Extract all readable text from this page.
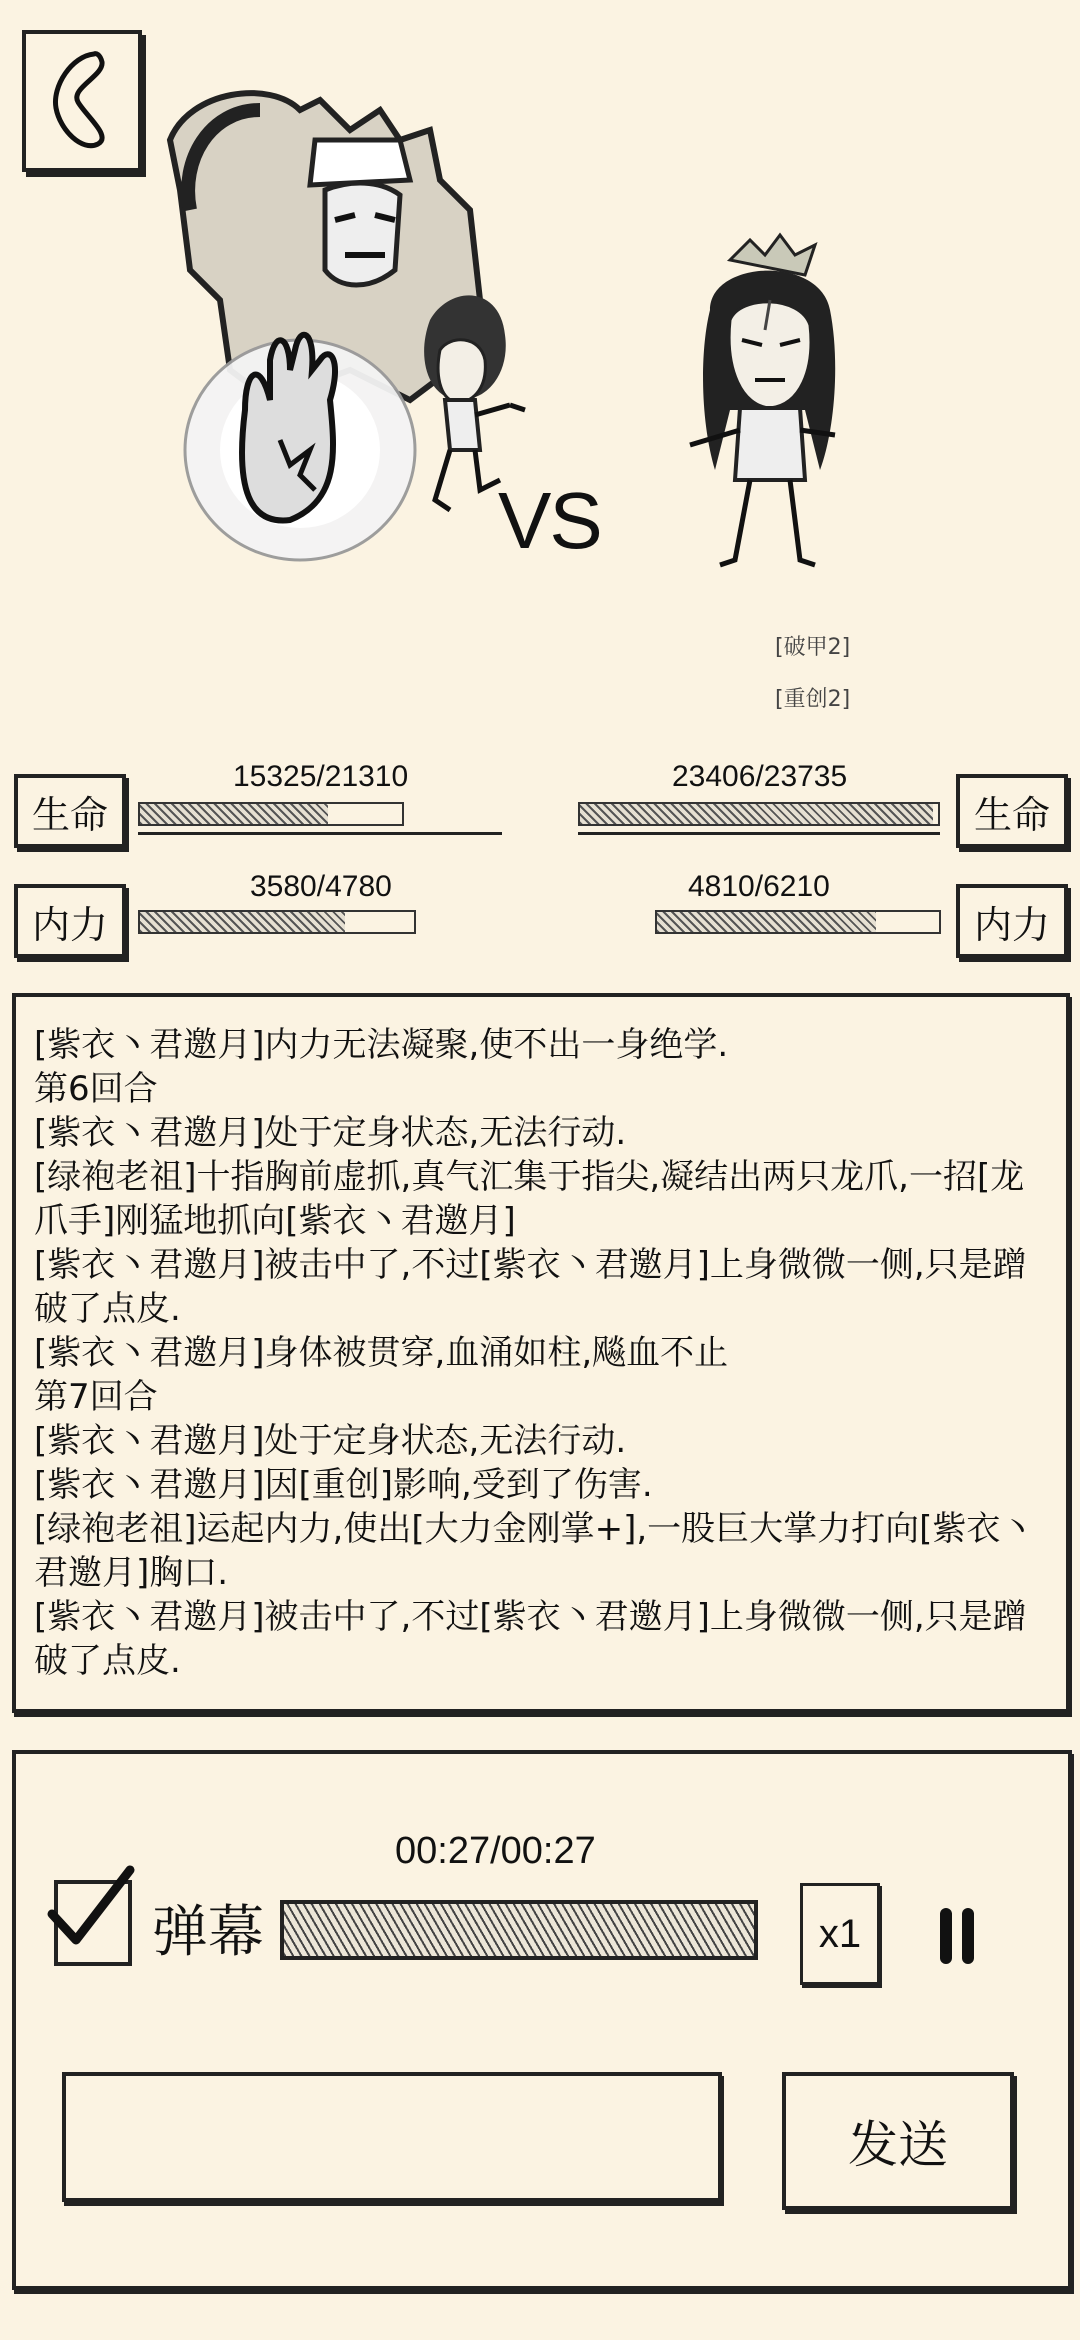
VS
[破甲2]
[重创2]
生命
15325/21310
生命
23406/23735
内力
3580/4780
内力
4810/6210
[紫衣丶君邀月]内力无法凝聚,使不出一身绝学.
第6回合
[紫衣丶君邀月]处于定身状态,无法行动.
[绿袍老祖]十指胸前虚抓,真气汇集于指尖,凝结出两只龙爪,一招[龙爪手]刚猛地抓向[紫衣丶君邀月]
[紫衣丶君邀月]被击中了,不过[紫衣丶君邀月]上身微微一侧,只是蹭破了点皮.
[紫衣丶君邀月]身体被贯穿,血涌如柱,飚血不止
第7回合
[紫衣丶君邀月]处于定身状态,无法行动.
[紫衣丶君邀月]因[重创]影响,受到了伤害.
[绿袍老祖]运起内力,使出[大力金刚掌+],一股巨大掌力打向[紫衣丶君邀月]胸口.
[紫衣丶君邀月]被击中了,不过[紫衣丶君邀月]上身微微一侧,只是蹭破了点皮.
00:27/00:27
弹幕	x1
发送
